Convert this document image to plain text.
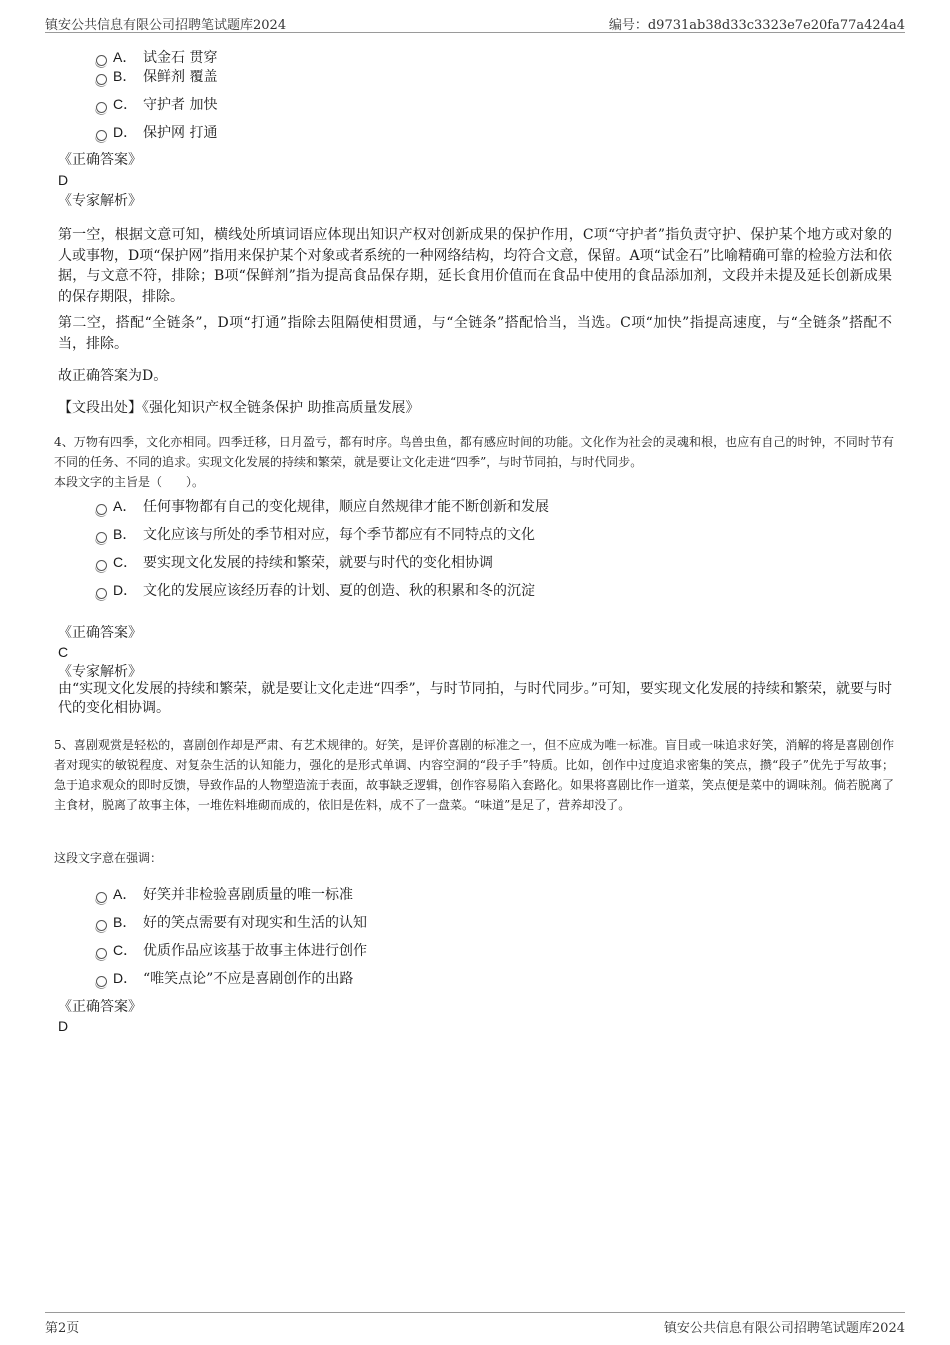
镇安公共信息有限公司招聘笔试题库2024	编号：d9731ab38d33c3323e7e20fa77a424a4
A． 试金石 贯穿
B． 保鲜剂 覆盖
C． 守护者 加快
D． 保护网 打通
《正确答案》
D
《专家解析》
第一空，根据文意可知，横线处所填词语应体现出知识产权对创新成果的保护作用，C项“守护者”指负责守护、保护某个地方或对象的人或事物，D项“保护网”指用来保护某个对象或者系统的一种网络结构，均符合文意，保留。A项“试金石”比喻精确可靠的检验方法和依据，与文意不符，排除；B项“保鲜剂”指为提高食品保存期，延长食用价值而在食品中使用的食品添加剂，文段并未提及延长创新成果的保存期限，排除。
第二空，搭配“全链条”，D项“打通”指除去阻隔使相贯通，与“全链条”搭配恰当，当选。C项“加快”指提高速度，与“全链条”搭配不当，排除。
故正确答案为D。
【文段出处】《强化知识产权全链条保护 助推高质量发展》
4、万物有四季，文化亦相同。四季迁移，日月盈亏，都有时序。鸟兽虫鱼，都有感应时间的功能。文化作为社会的灵魂和根，也应有自己的时钟，不同时节有不同的任务、不同的追求。实现文化发展的持续和繁荣，就是要让文化走进“四季”，与时节同拍，与时代同步。
本段文字的主旨是（　　）。
A． 任何事物都有自己的变化规律，顺应自然规律才能不断创新和发展
B． 文化应该与所处的季节相对应，每个季节都应有不同特点的文化
C． 要实现文化发展的持续和繁荣，就要与时代的变化相协调
D． 文化的发展应该经历春的计划、夏的创造、秋的积累和冬的沉淀
《正确答案》
C
《专家解析》
由“实现文化发展的持续和繁荣，就是要让文化走进“四季”，与时节同拍，与时代同步。”可知，要实现文化发展的持续和繁荣，就要与时代的变化相协调。
5、喜剧观赏是轻松的，喜剧创作却是严肃、有艺术规律的。好笑，是评价喜剧的标准之一，但不应成为唯一标准。盲目或一味追求好笑，消解的将是喜剧创作者对现实的敏锐程度、对复杂生活的认知能力，强化的是形式单调、内容空洞的“段子手”特质。比如，创作中过度追求密集的笑点，攒“段子”优先于写故事；急于追求观众的即时反馈，导致作品的人物塑造流于表面，故事缺乏逻辑，创作容易陷入套路化。如果将喜剧比作一道菜，笑点便是菜中的调味剂。倘若脱离了主食材，脱离了故事主体，一堆佐料堆砌而成的，依旧是佐料，成不了一盘菜。“味道”是足了，营养却没了。
这段文字意在强调：
A． 好笑并非检验喜剧质量的唯一标准
B． 好的笑点需要有对现实和生活的认知
C． 优质作品应该基于故事主体进行创作
D． “唯笑点论”不应是喜剧创作的出路
《正确答案》
D
第2页	镇安公共信息有限公司招聘笔试题库2024
